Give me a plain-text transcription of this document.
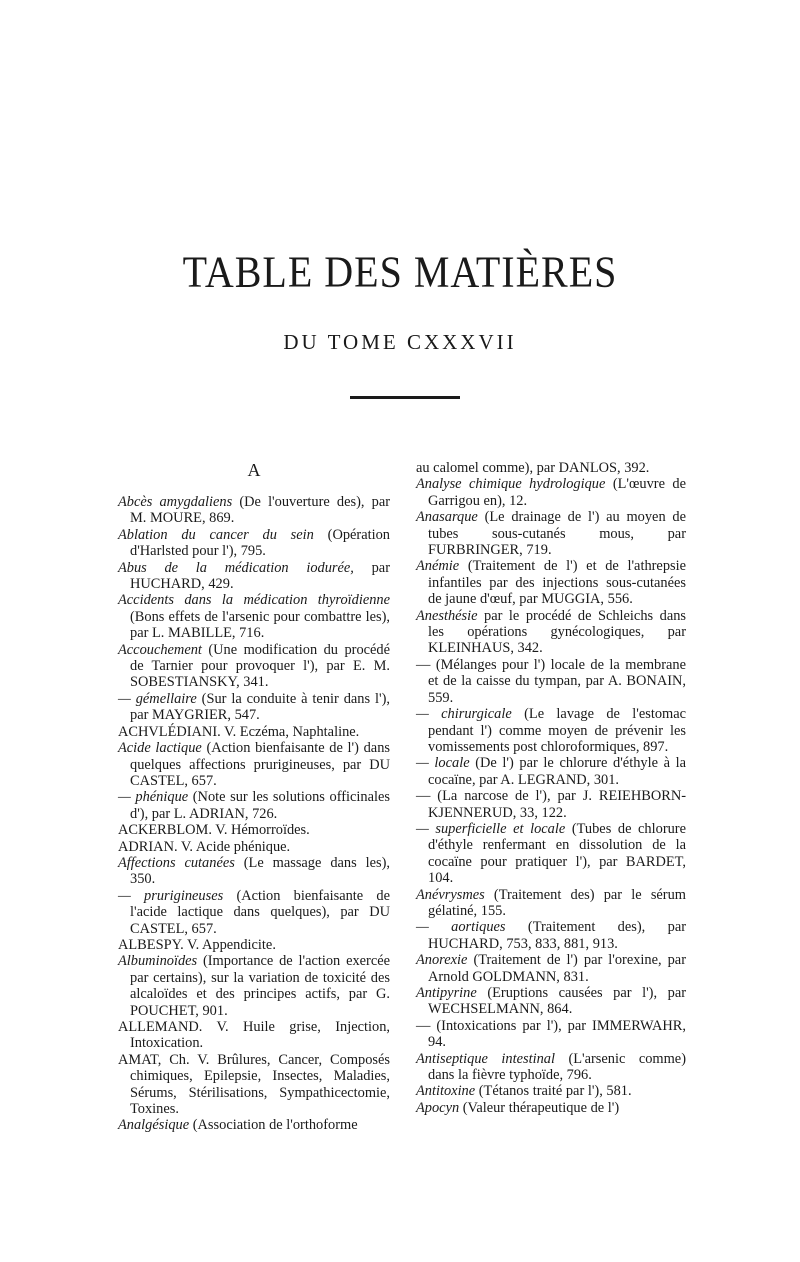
TABLE DES MATIÈRES
DU TOME CXXXVII
A

Abcès amygdaliens (De l'ouverture des), par M. MOURE, 869.

Ablation du cancer du sein (Opération d'Harlsted pour l'), 795.

Abus de la médication iodurée, par HUCHARD, 429.

Accidents dans la médication thyroïdienne (Bons effets de l'arsenic pour combattre les), par L. MABILLE, 716.

Accouchement (Une modification du procédé de Tarnier pour provoquer l'), par E. M. SOBESTIANSKY, 341.

— gémellaire (Sur la conduite à tenir dans l'), par MAYGRIER, 547.

ACHVLÉDIANI. V. Eczéma, Naphtaline.

Acide lactique (Action bienfaisante de l') dans quelques affections prurigineuses, par DU CASTEL, 657.

— phénique (Note sur les solutions officinales d'), par L. ADRIAN, 726.

ACKERBLOM. V. Hémorroïdes.

ADRIAN. V. Acide phénique.

Affections cutanées (Le massage dans les), 350.

— prurigineuses (Action bienfaisante de l'acide lactique dans quelques), par DU CASTEL, 657.

ALBESPY. V. Appendicite.

Albuminoïdes (Importance de l'action exercée par certains), sur la variation de toxicité des alcaloïdes et des principes actifs, par G. POUCHET, 901.

ALLEMAND. V. Huile grise, Injection, Intoxication.

AMAT, Ch. V. Brûlures, Cancer, Composés chimiques, Epilepsie, Insectes, Maladies, Sérums, Stérilisations, Sympathicectomie, Toxines.

Analgésique (Association de l'orthoforme

au calomel comme), par DANLOS, 392.

Analyse chimique hydrologique (L'œuvre de Garrigou en), 12.

Anasarque (Le drainage de l') au moyen de tubes sous-cutanés mous, par FURBRINGER, 719.

Anémie (Traitement de l') et de l'athrepsie infantiles par des injections sous-cutanées de jaune d'œuf, par MUGGIA, 556.

Anesthésie par le procédé de Schleichs dans les opérations gynécologiques, par KLEINHAUS, 342.

— (Mélanges pour l') locale de la membrane et de la caisse du tympan, par A. BONAIN, 559.

— chirurgicale (Le lavage de l'estomac pendant l') comme moyen de prévenir les vomissements post chloroformiques, 897.

— locale (De l') par le chlorure d'éthyle à la cocaïne, par A. LEGRAND, 301.

— (La narcose de l'), par J. REIEHBORN-KJENNERUD, 33, 122.

— superficielle et locale (Tubes de chlorure d'éthyle renfermant en dissolution de la cocaïne pour pratiquer l'), par BARDET, 104.

Anévrysmes (Traitement des) par le sérum gélatiné, 155.

— aortiques (Traitement des), par HUCHARD, 753, 833, 881, 913.

Anorexie (Traitement de l') par l'orexine, par Arnold GOLDMANN, 831.

Antipyrine (Eruptions causées par l'), par WECHSELMANN, 864.

— (Intoxications par l'), par IMMERWAHR, 94.

Antiseptique intestinal (L'arsenic comme) dans la fièvre typhoïde, 796.

Antitoxine (Tétanos traité par l'), 581.

Apocyn (Valeur thérapeutique de l')
